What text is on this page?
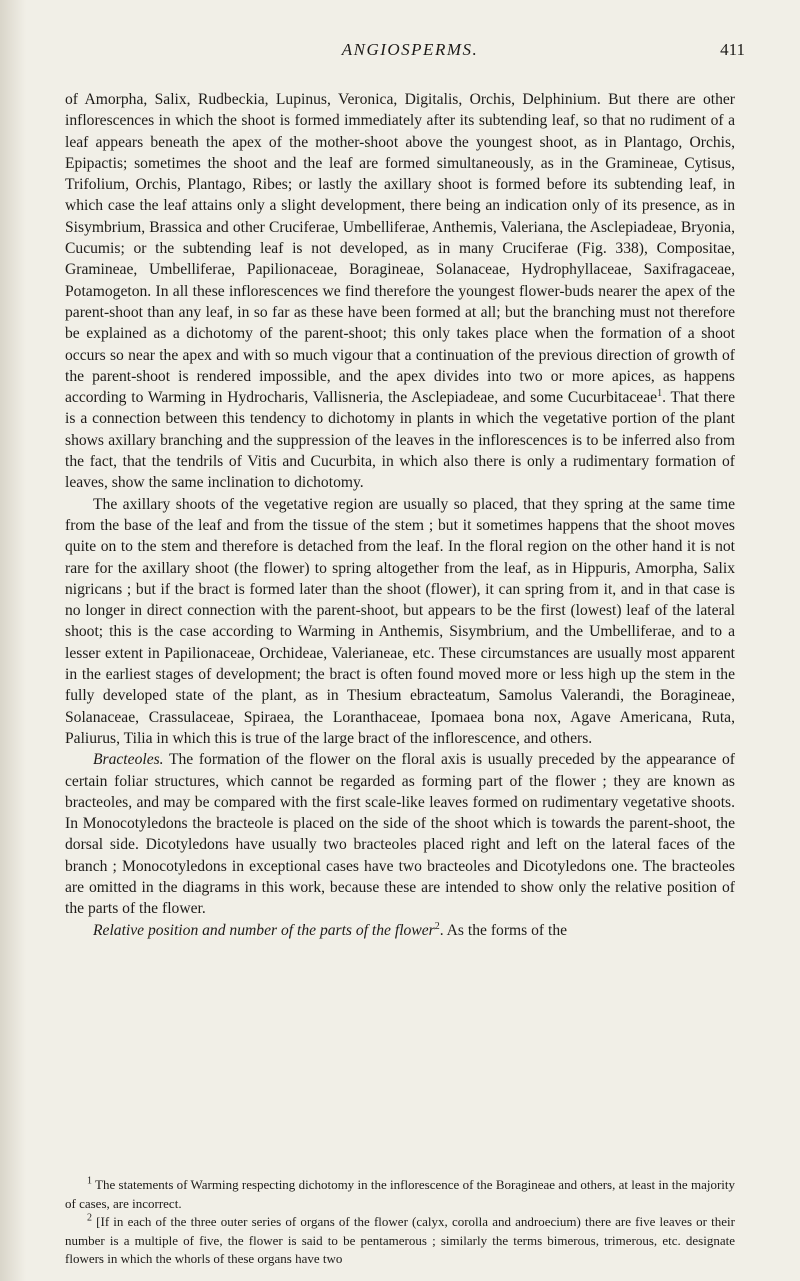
ANGIOSPERMS.	411

of Amorpha, Salix, Rudbeckia, Lupinus, Veronica, Digitalis, Orchis, Delphinium. But there are other inflorescences in which the shoot is formed immediately after its subtending leaf, so that no rudiment of a leaf appears beneath the apex of the mother-shoot above the youngest shoot, as in Plantago, Orchis, Epipactis; sometimes the shoot and the leaf are formed simultaneously, as in the Gramineae, Cytisus, Trifolium, Orchis, Plantago, Ribes; or lastly the axillary shoot is formed before its subtending leaf, in which case the leaf attains only a slight development, there being an indication only of its presence, as in Sisymbrium, Brassica and other Cruciferae, Umbelliferae, Anthemis, Valeriana, the Asclepiadeae, Bryonia, Cucumis; or the subtending leaf is not developed, as in many Cruciferae (Fig. 338), Compositae, Gramineae, Umbelliferae, Papilionaceae, Boragineae, Solanaceae, Hydrophyllaceae, Saxifragaceae, Potamogeton. In all these inflorescences we find therefore the youngest flower-buds nearer the apex of the parent-shoot than any leaf, in so far as these have been formed at all; but the branching must not therefore be explained as a dichotomy of the parent-shoot; this only takes place when the formation of a shoot occurs so near the apex and with so much vigour that a continuation of the previous direction of growth of the parent-shoot is rendered impossible, and the apex divides into two or more apices, as happens according to Warming in Hydrocharis, Vallisneria, the Asclepiadeae, and some Cucurbitaceae$^1$. That there is a connection between this tendency to dichotomy in plants in which the vegetative portion of the plant shows axillary branching and the suppression of the leaves in the inflorescences is to be inferred also from the fact, that the tendrils of Vitis and Cucurbita, in which also there is only a rudimentary formation of leaves, show the same inclination to dichotomy.

The axillary shoots of the vegetative region are usually so placed, that they spring at the same time from the base of the leaf and from the tissue of the stem ; but it sometimes happens that the shoot moves quite on to the stem and therefore is detached from the leaf. In the floral region on the other hand it is not rare for the axillary shoot (the flower) to spring altogether from the leaf, as in Hippuris, Amorpha, Salix nigricans ; but if the bract is formed later than the shoot (flower), it can spring from it, and in that case is no longer in direct connection with the parent-shoot, but appears to be the first (lowest) leaf of the lateral shoot; this is the case according to Warming in Anthemis, Sisymbrium, and the Umbelliferae, and to a lesser extent in Papilionaceae, Orchideae, Valerianeae, etc. These circumstances are usually most apparent in the earliest stages of development; the bract is often found moved more or less high up the stem in the fully developed state of the plant, as in Thesium ebracteatum, Samolus Valerandi, the Boragineae, Solanaceae, Crassulaceae, Spiraea, the Loranthaceae, Ipomaea bona nox, Agave Americana, Ruta, Paliurus, Tilia in which this is true of the large bract of the inflorescence, and others.

Bracteoles. The formation of the flower on the floral axis is usually preceded by the appearance of certain foliar structures, which cannot be regarded as forming part of the flower ; they are known as bracteoles, and may be compared with the first scale-like leaves formed on rudimentary vegetative shoots. In Monocotyledons the bracteole is placed on the side of the shoot which is towards the parent-shoot, the dorsal side. Dicotyledons have usually two bracteoles placed right and left on the lateral faces of the branch ; Monocotyledons in exceptional cases have two bracteoles and Dicotyledons one. The bracteoles are omitted in the diagrams in this work, because these are intended to show only the relative position of the parts of the flower.

Relative position and number of the parts of the flower$^2$. As the forms of the

$^1$ The statements of Warming respecting dichotomy in the inflorescence of the Boragineae and others, at least in the majority of cases, are incorrect.

$^2$ [If in each of the three outer series of organs of the flower (calyx, corolla and androecium) there are five leaves or their number is a multiple of five, the flower is said to be pentamerous ; similarly the terms bimerous, trimerous, etc. designate flowers in which the whorls of these organs have two
